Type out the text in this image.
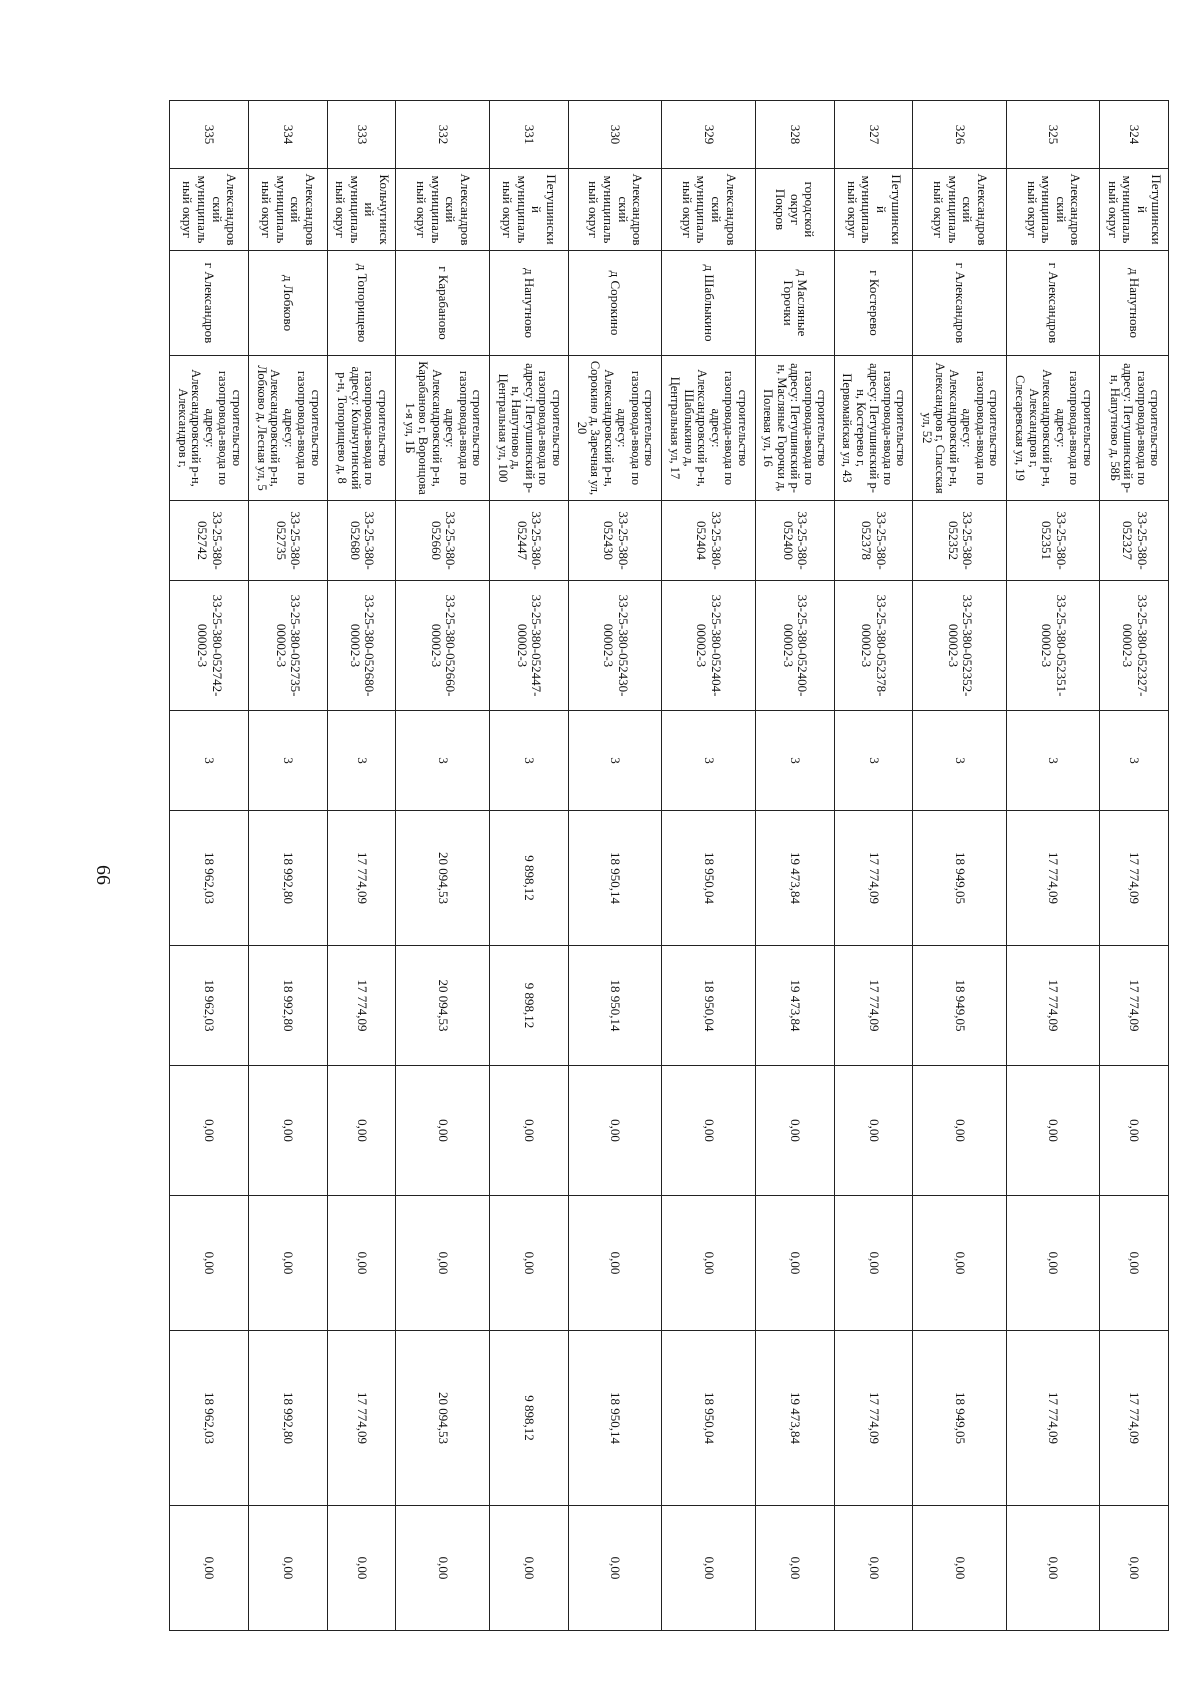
66
324	Петушинский муниципальный округ	д Напутново	строительство газопровода-ввода по адресу: Петушинский р-н, Напутново д, 58Б	33-25-380-052327	33-25-380-052327-00002-3	3	17 774,09	17 774,09	0,00	0,00	17 774,09	0,00
325	Александровский муниципальный округ	г Александров	строительство газопровода-ввода по адресу: Александровский р-н, Александров г, Слесаревская ул, 19	33-25-380-052351	33-25-380-052351-00002-3	3	17 774,09	17 774,09	0,00	0,00	17 774,09	0,00
326	Александровский муниципальный округ	г Александров	строительство газопровода-ввода по адресу: Александровский р-н, Александров г, Спасская ул, 52	33-25-380-052352	33-25-380-052352-00002-3	3	18 949,05	18 949,05	0,00	0,00	18 949,05	0,00
327	Петушинский муниципальный округ	г Костерево	строительство газопровода-ввода по адресу: Петушинский р-н, Костерево г, Первомайская ул, 43	33-25-380-052378	33-25-380-052378-00002-3	3	17 774,09	17 774,09	0,00	0,00	17 774,09	0,00
328	городской округ Покров	д Масляные Горочки	строительство газопровода-ввода по адресу: Петушинский р-н, Масляные Горочки д, Полевая ул, 16	33-25-380-052400	33-25-380-052400-00002-3	3	19 473,84	19 473,84	0,00	0,00	19 473,84	0,00
329	Александровский муниципальный округ	д Шаблыкино	строительство газопровода-ввода по адресу: Александровский р-н, Шаблыкино д, Центральная ул, 17	33-25-380-052404	33-25-380-052404-00002-3	3	18 950,04	18 950,04	0,00	0,00	18 950,04	0,00
330	Александровский муниципальный округ	д Сорокино	строительство газопровода-ввода по адресу: Александровский р-н, Сорокино д, Заречная ул, 20	33-25-380-052430	33-25-380-052430-00002-3	3	18 950,14	18 950,14	0,00	0,00	18 950,14	0,00
331	Петушинский муниципальный округ	д Напутново	строительство газопровода-ввода по адресу: Петушинский р-н, Напутново д, Центральная ул, 100	33-25-380-052447	33-25-380-052447-00002-3	3	9 898,12	9 898,12	0,00	0,00	9 898,12	0,00
332	Александровский муниципальный округ	г Карабаново	строительство газопровода-ввода по адресу: Александровский р-н, Карабаново г, Воронцова 1-я ул, 1Б	33-25-380-052660	33-25-380-052660-00002-3	3	20 094,53	20 094,53	0,00	0,00	20 094,53	0,00
333	Кольчугинский муниципальный округ	д Топорищево	строительство газопровода-ввода по адресу: Кольчугинский р-н, Топорищево д, 8	33-25-380-052680	33-25-380-052680-00002-3	3	17 774,09	17 774,09	0,00	0,00	17 774,09	0,00
334	Александровский муниципальный округ	д Лобково	строительство газопровода-ввода по адресу: Александровский р-н, Лобково д, Лесная ул, 5	33-25-380-052735	33-25-380-052735-00002-3	3	18 992,80	18 992,80	0,00	0,00	18 992,80	0,00
335	Александровский муниципальный округ	г Александров	строительство газопровода-ввода по адресу: Александровский р-н, Александров г,	33-25-380-052742	33-25-380-052742-00002-3	3	18 962,03	18 962,03	0,00	0,00	18 962,03	0,00
